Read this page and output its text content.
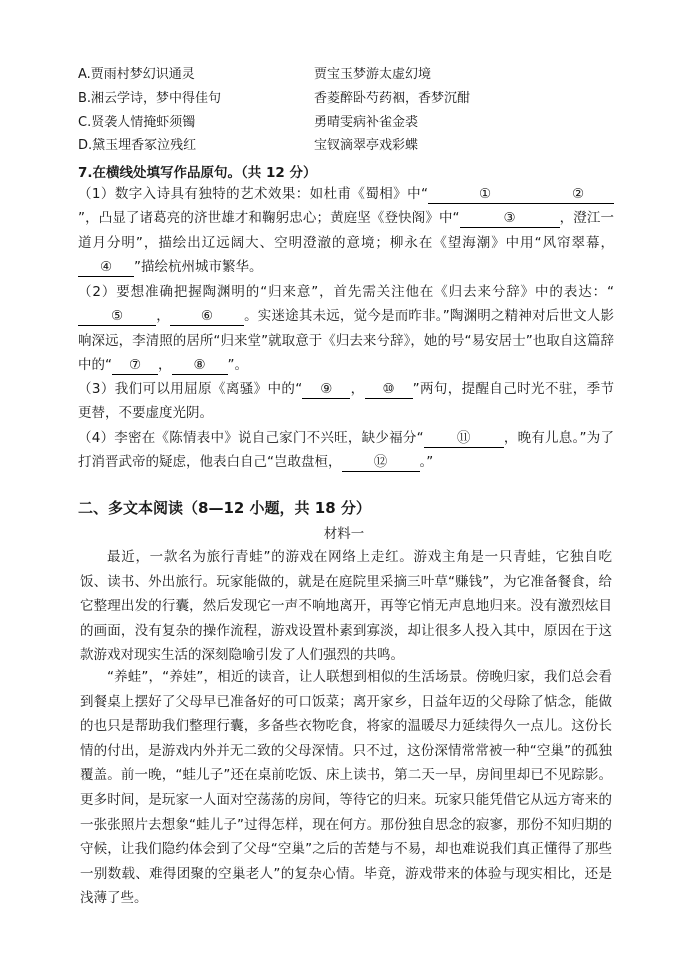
A.贾雨村梦幻识通灵	贾宝玉梦游太虚幻境
B.湘云学诗，梦中得佳句	香菱醉卧芍药裀，香梦沉酣
C.贤袭人情掩虾须镯	勇晴雯病补雀金裘
D.黛玉埋香冢泣残红	宝钗滴翠亭戏彩蝶
7.在横线处填写作品原句。（共 12 分）
（1）数字入诗具有独特的艺术效果：如杜甫《蜀相》中“	①	②”，凸显了诸葛亮的济世雄才和鞠躬忠心；黄庭坚《登快阁》中“	③	，澄江一道月分明”，描绘出辽远阔大、空明澄澈的意境；柳永在《望海潮》中用“风帘翠幕，④ ”描绘杭州城市繁华。
（2）要想准确把握陶渊明的“归来意”，首先需关注他在《归去来兮辞》中的表达：“⑤ ， ⑥ 。实迷途其未远，觉今是而昨非。”陶渊明之精神对后世文人影响深远，李清照的居所“归来堂”就取意于《归去来兮辞》，她的号“易安居士”也取自这篇辞中的“ ⑦ ， ⑧ ”。
（3）我们可以用屈原《离骚》中的“ ⑨ ， ⑩ ”两句，提醒自己时光不驻，季节更替，不要虚度光阴。
（4）李密在《陈情表中》说自己家门不兴旺，缺少福分“ ⑪ ，晚有儿息。”为了打消晋武帝的疑虑，他表白自己“岂敢盘桓， ⑫ 。”
二、多文本阅读（8—12 小题，共 18 分）
材料一
最近，一款名为旅行青蛙”的游戏在网络上走红。游戏主角是一只青蛙，它独自吃饭、读书、外出旅行。玩家能做的，就是在庭院里采摘三叶草“赚钱”，为它准备餐食，给它整理出发的行囊，然后发现它一声不响地离开，再等它悄无声息地归来。没有激烈炫目的画面，没有复杂的操作流程，游戏设置朴素到寡淡，却让很多人投入其中，原因在于这款游戏对现实生活的深刻隐喻引发了人们强烈的共鸣。
“养蛙”，“养娃”，相近的读音，让人联想到相似的生活场景。傍晚归家，我们总会看到餐桌上摆好了父母早已准备好的可口饭菜；离开家乡，日益年迈的父母除了惦念，能做的也只是帮助我们整理行囊，多备些衣物吃食，将家的温暖尽力延续得久一点儿。这份长情的付出，是游戏内外并无二致的父母深情。只不过，这份深情常常被一种“空巢”的孤独覆盖。前一晚，“蛙儿子”还在桌前吃饭、床上读书，第二天一早，房间里却已不见踪影。更多时间，是玩家一人面对空荡荡的房间，等待它的归来。玩家只能凭借它从远方寄来的一张张照片去想象“蛙儿子”过得怎样，现在何方。那份独自思念的寂寥，那份不知归期的守候，让我们隐约体会到了父母“空巢”之后的苦楚与不易，却也难说我们真正懂得了那些一别数载、难得团聚的空巢老人”的复杂心情。毕竟，游戏带来的体验与现实相比，还是浅薄了些。
